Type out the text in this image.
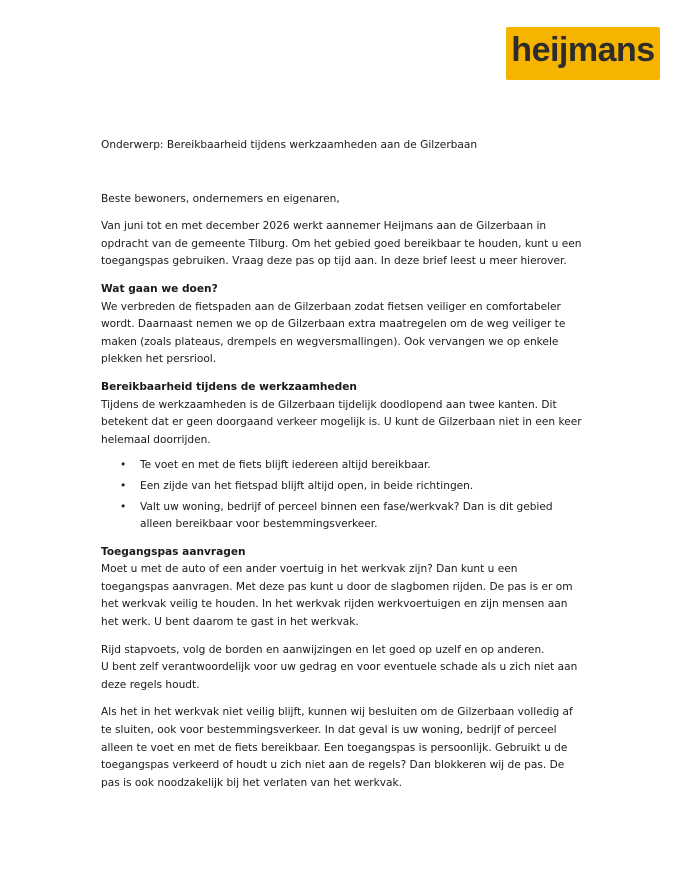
heijmans

Onderwerp: Bereikbaarheid tijdens werkzaamheden aan de Gilzerbaan

Beste bewoners, ondernemers en eigenaren,

Van juni tot en met december 2026 werkt aannemer Heijmans aan de Gilzerbaan in opdracht van de gemeente Tilburg. Om het gebied goed bereikbaar te houden, kunt u een toegangspas gebruiken. Vraag deze pas op tijd aan. In deze brief leest u meer hierover.

Wat gaan we doen?
We verbreden de fietspaden aan de Gilzerbaan zodat fietsen veiliger en comfortabeler wordt. Daarnaast nemen we op de Gilzerbaan extra maatregelen om de weg veiliger te maken (zoals plateaus, drempels en wegversmallingen). Ook vervangen we op enkele plekken het persriool.
Bereikbaarheid tijdens de werkzaamheden
Tijdens de werkzaamheden is de Gilzerbaan tijdelijk doodlopend aan twee kanten. Dit betekent dat er geen doorgaand verkeer mogelijk is. U kunt de Gilzerbaan niet in een keer helemaal doorrijden.
• Te voet en met de fiets blijft iedereen altijd bereikbaar.
• Een zijde van het fietspad blijft altijd open, in beide richtingen.
• Valt uw woning, bedrijf of perceel binnen een fase/werkvak? Dan is dit gebied alleen bereikbaar voor bestemmingsverkeer.
Toegangspas aanvragen
Moet u met de auto of een ander voertuig in het werkvak zijn? Dan kunt u een toegangspas aanvragen. Met deze pas kunt u door de slagbomen rijden. De pas is er om het werkvak veilig te houden. In het werkvak rijden werkvoertuigen en zijn mensen aan het werk. U bent daarom te gast in het werkvak.

Rijd stapvoets, volg de borden en aanwijzingen en let goed op uzelf en op anderen.
U bent zelf verantwoordelijk voor uw gedrag en voor eventuele schade als u zich niet aan deze regels houdt.

Als het in het werkvak niet veilig blijft, kunnen wij besluiten om de Gilzerbaan volledig af te sluiten, ook voor bestemmingsverkeer. In dat geval is uw woning, bedrijf of perceel alleen te voet en met de fiets bereikbaar. Een toegangspas is persoonlijk. Gebruikt u de toegangspas verkeerd of houdt u zich niet aan de regels? Dan blokkeren wij de pas. De pas is ook noodzakelijk bij het verlaten van het werkvak.
